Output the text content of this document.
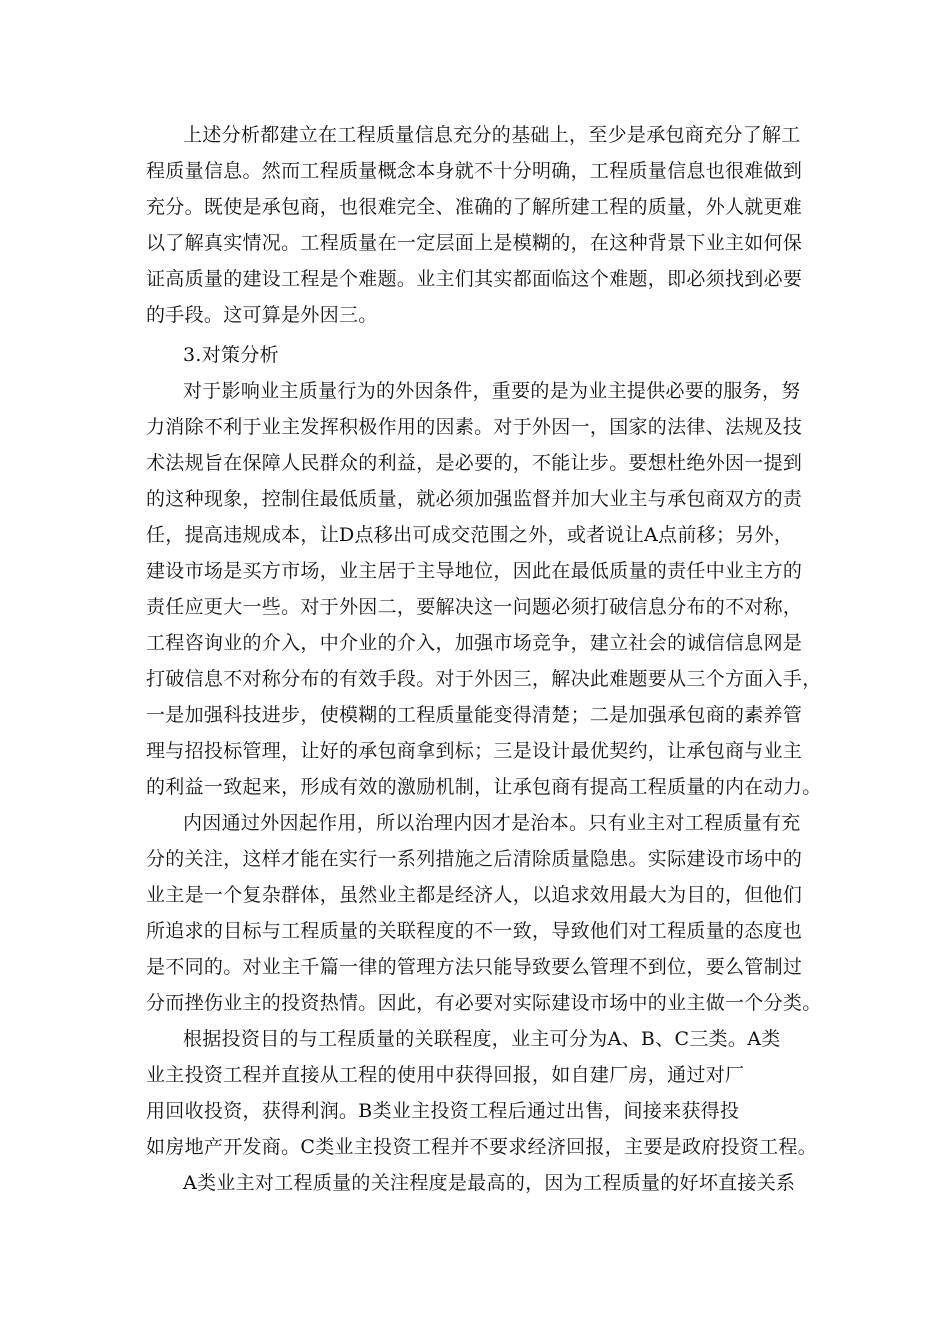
上述分析都建立在工程质量信息充分的基础上，至少是承包商充分了解工
程质量信息。然而工程质量概念本身就不十分明确，工程质量信息也很难做到
充分。既使是承包商，也很难完全、准确的了解所建工程的质量，外人就更难
以了解真实情况。工程质量在一定层面上是模糊的，在这种背景下业主如何保
证高质量的建设工程是个难题。业主们其实都面临这个难题，即必须找到必要
的手段。这可算是外因三。
3.对策分析
对于影响业主质量行为的外因条件，重要的是为业主提供必要的服务，努
力消除不利于业主发挥积极作用的因素。对于外因一，国家的法律、法规及技
术法规旨在保障人民群众的利益，是必要的，不能让步。要想杜绝外因一提到
的这种现象，控制住最低质量，就必须加强监督并加大业主与承包商双方的责
任，提高违规成本，让D点移出可成交范围之外，或者说让A点前移；另外，
建设市场是买方市场，业主居于主导地位，因此在最低质量的责任中业主方的
责任应更大一些。对于外因二，要解决这一问题必须打破信息分布的不对称，
工程咨询业的介入，中介业的介入，加强市场竞争，建立社会的诚信信息网是
打破信息不对称分布的有效手段。对于外因三，解决此难题要从三个方面入手，
一是加强科技进步，使模糊的工程质量能变得清楚；二是加强承包商的素养管
理与招投标管理，让好的承包商拿到标；三是设计最优契约，让承包商与业主
的利益一致起来，形成有效的激励机制，让承包商有提高工程质量的内在动力。
内因通过外因起作用，所以治理内因才是治本。只有业主对工程质量有充
分的关注，这样才能在实行一系列措施之后清除质量隐患。实际建设市场中的
业主是一个复杂群体，虽然业主都是经济人，以追求效用最大为目的，但他们
所追求的目标与工程质量的关联程度的不一致，导致他们对工程质量的态度也
是不同的。对业主千篇一律的管理方法只能导致要么管理不到位，要么管制过
分而挫伤业主的投资热情。因此，有必要对实际建设市场中的业主做一个分类。
根据投资目的与工程质量的关联程度，业主可分为A、B、C三类。A类
业主投资工程并直接从工程的使用中获得回报，如自建厂房，通过对厂
用回收投资，获得利润。B类业主投资工程后通过出售，间接来获得投
如房地产开发商。C类业主投资工程并不要求经济回报，主要是政府投资工程。
A类业主对工程质量的关注程度是最高的，因为工程质量的好坏直接关系
